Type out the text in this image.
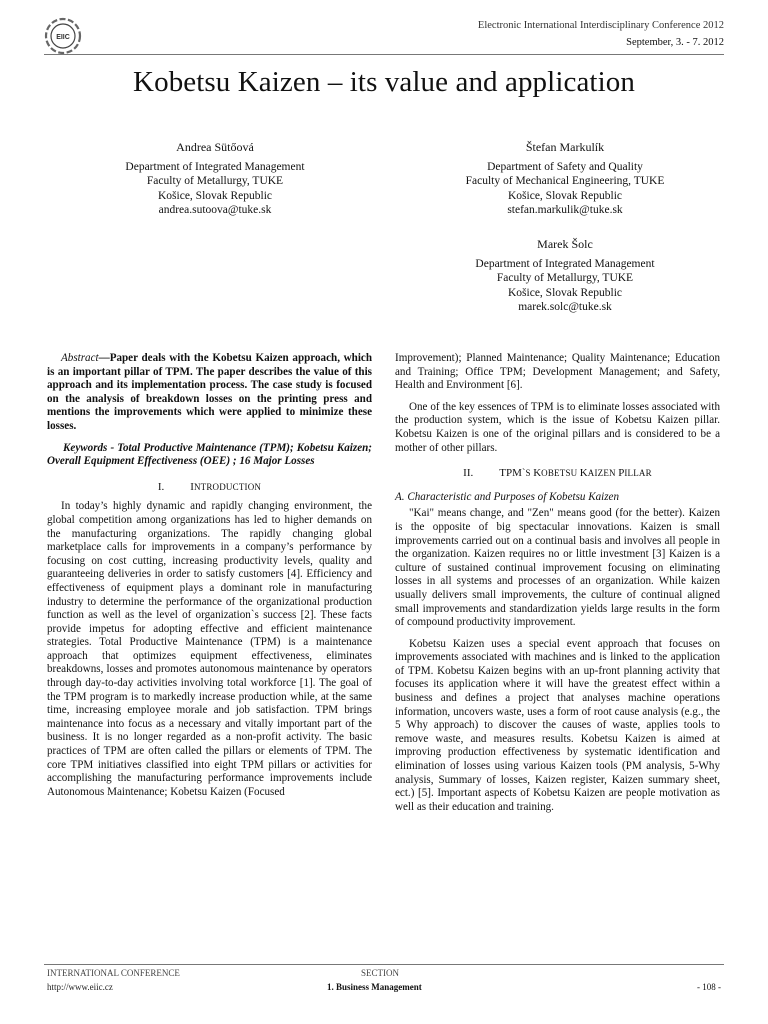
EIIC
Electronic International Interdisciplinary Conference 2012
September, 3. - 7. 2012
Kobetsu Kaizen – its value and application
Andrea Sütőová
Department of Integrated Management
Faculty of Metallurgy, TUKE
Košice, Slovak Republic
andrea.sutoova@tuke.sk
Štefan Markulík
Department of Safety and Quality
Faculty of Mechanical Engineering, TUKE
Košice, Slovak Republic
stefan.markulik@tuke.sk
Marek Šolc
Department of Integrated Management
Faculty of Metallurgy, TUKE
Košice, Slovak Republic
marek.solc@tuke.sk

Abstract—Paper deals with the Kobetsu Kaizen approach, which is an important pillar of TPM. The paper describes the value of this approach and its implementation process. The case study is focused on the analysis of breakdown losses on the printing press and mentions the improvements which were applied to minimize these losses.

Keywords - Total Productive Maintenance (TPM); Kobetsu Kaizen; Overall Equipment Effectiveness (OEE) ; 16 Major Losses

I. INTRODUCTION

In today’s highly dynamic and rapidly changing environment, the global competition among organizations has led to higher demands on the manufacturing organizations. The rapidly changing global marketplace calls for improvements in a company’s performance by focusing on cost cutting, increasing productivity levels, quality and guaranteeing deliveries in order to satisfy customers [4]. Efficiency and effectiveness of equipment plays a dominant role in manufacturing industry to determine the performance of the organizational production function as well as the level of organization`s success [2]. These facts provide impetus for adopting effective and efficient maintenance strategies. Total Productive Maintenance (TPM) is a maintenance approach that optimizes equipment effectiveness, eliminates breakdowns, losses and promotes autonomous maintenance by operators through day-to-day activities involving total workforce [1]. The goal of the TPM program is to markedly increase production while, at the same time, increasing employee morale and job satisfaction. TPM brings maintenance into focus as a necessary and vitally important part of the business. It is no longer regarded as a non-profit activity. The basic practices of TPM are often called the pillars or elements of TPM. The core TPM initiatives classified into eight TPM pillars or activities for accomplishing the manufacturing performance improvements include Autonomous Maintenance; Kobetsu Kaizen (Focused

Improvement); Planned Maintenance; Quality Maintenance; Education and Training; Office TPM; Development Management; and Safety, Health and Environment [6].

One of the key essences of TPM is to eliminate losses associated with the production system, which is the issue of Kobetsu Kaizen pillar. Kobetsu Kaizen is one of the original pillars and is considered to be a mother of other pillars.

II. TPM`S KOBETSU KAIZEN PILLAR

A. Characteristic and Purposes of Kobetsu Kaizen

"Kai" means change, and "Zen" means good (for the better). Kaizen is the opposite of big spectacular innovations. Kaizen is small improvements carried out on a continual basis and involves all people in the organization. Kaizen requires no or little investment [3] Kaizen is a culture of sustained continual improvement focusing on eliminating losses in all systems and processes of an organization. While kaizen usually delivers small improvements, the culture of continual aligned small improvements and standardization yields large results in the form of compound productivity improvement.

Kobetsu Kaizen uses a special event approach that focuses on improvements associated with machines and is linked to the application of TPM. Kobetsu Kaizen begins with an up-front planning activity that focuses its application where it will have the greatest effect within a business and defines a project that analyses machine operations information, uncovers waste, uses a form of root cause analysis (e.g., the 5 Why approach) to discover the causes of waste, applies tools to remove waste, and measures results. Kobetsu Kaizen is aimed at improving production effectiveness by systematic identification and elimination of losses using various Kaizen tools (PM analysis, 5-Why analysis, Summary of losses, Kaizen register, Kaizen summary sheet, ect.) [5]. Important aspects of Kobetsu Kaizen are people motivation as well as their education and training.

INTERNATIONAL CONFERENCE
http://www.eiic.cz
SECTION
1. Business Management	- 108 -
